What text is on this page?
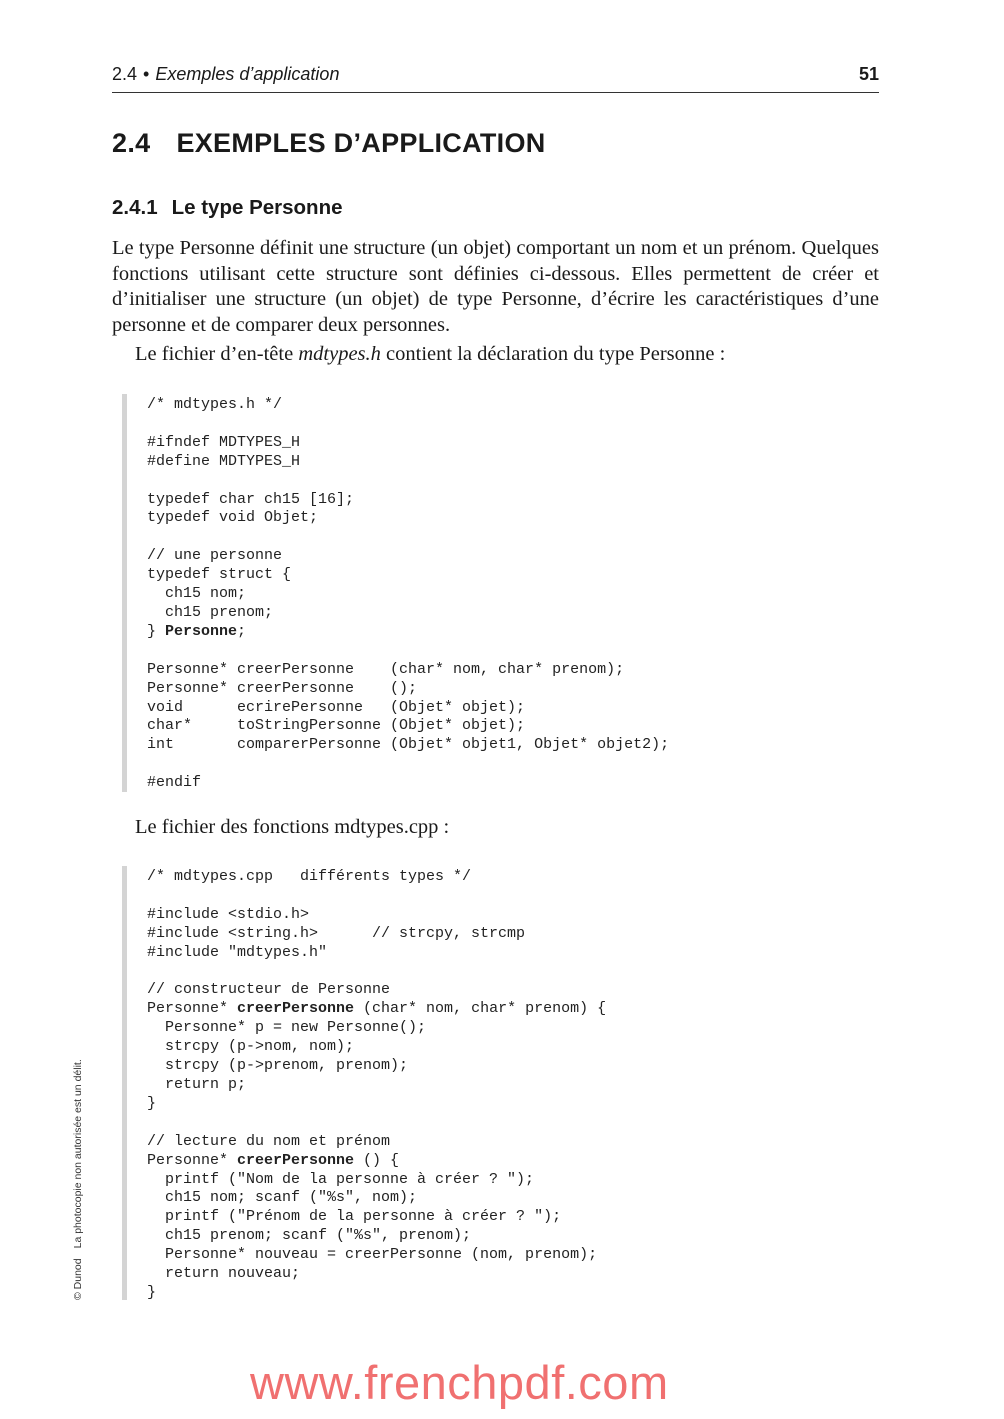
2.4 • Exemples d’application	51
2.4 EXEMPLES D’APPLICATION
2.4.1 Le type Personne
Le type Personne définit une structure (un objet) comportant un nom et un prénom. Quelques fonctions utilisant cette structure sont définies ci-dessous. Elles permettent de créer et d’initialiser une structure (un objet) de type Personne, d’écrire les caractéristiques d’une personne et de comparer deux personnes.
Le fichier d’en-tête mdtypes.h contient la déclaration du type Personne :
/* mdtypes.h */

#ifndef MDTYPES_H
#define MDTYPES_H

typedef char ch15 [16];
typedef void Objet;

// une personne
typedef struct {
ch15 nom;
ch15 prenom;
} Personne;

Personne* creerPersonne    (char* nom, char* prenom);
Personne* creerPersonne    ();
void      ecrirePersonne   (Objet* objet);
char*     toStringPersonne (Objet* objet);
int       comparerPersonne (Objet* objet1, Objet* objet2);

#endif

Le fichier des fonctions mdtypes.cpp :
/* mdtypes.cpp   différents types */

#include <stdio.h>
#include <string.h>      // strcpy, strcmp
#include "mdtypes.h"

// constructeur de Personne
Personne* creerPersonne (char* nom, char* prenom) {
Personne* p = new Personne();
strcpy (p->nom, nom);
strcpy (p->prenom, prenom);
return p;
}

// lecture du nom et prénom
Personne* creerPersonne () {
printf ("Nom de la personne à créer ? ");
ch15 nom; scanf ("%s", nom);
printf ("Prénom de la personne à créer ? ");
ch15 prenom; scanf ("%s", prenom);
Personne* nouveau = creerPersonne (nom, prenom);
return nouveau;
}

© DunodLa photocopie non autorisée est un délit.
www.frenchpdf.com
